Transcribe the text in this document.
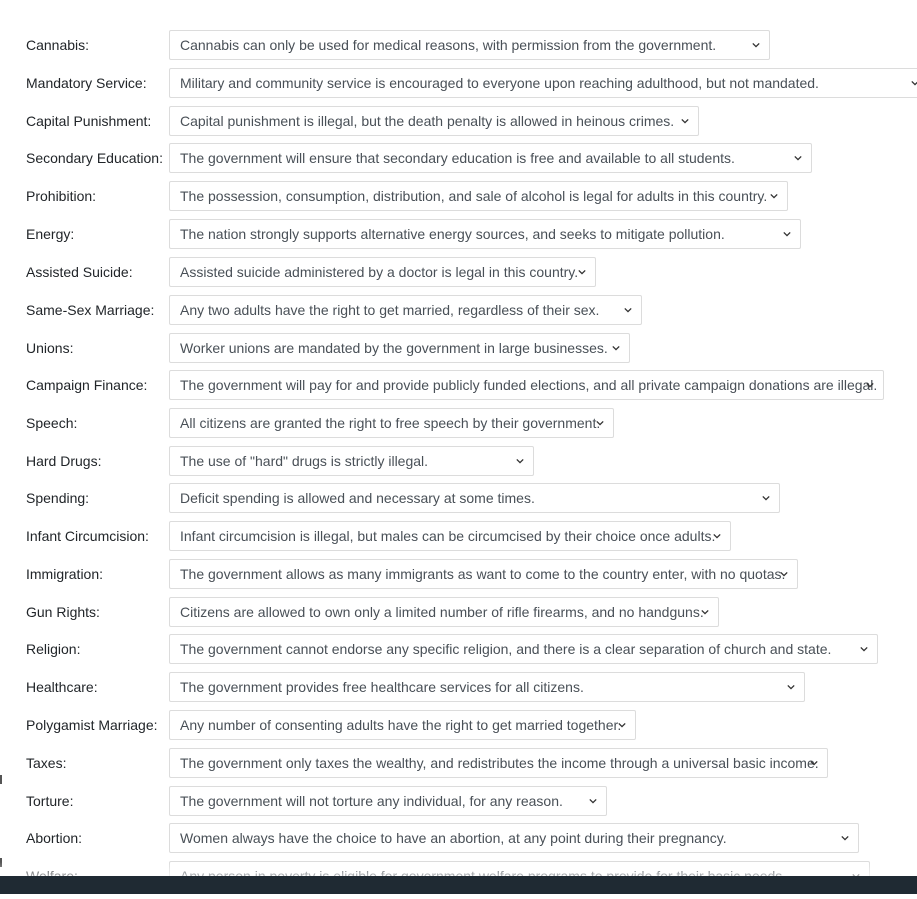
Cannabis:	Cannabis can only be used for medical reasons, with permission from the government.
Mandatory Service:	Military and community service is encouraged to everyone upon reaching adulthood, but not mandated.
Capital Punishment:	Capital punishment is illegal, but the death penalty is allowed in heinous crimes.
Secondary Education:	The government will ensure that secondary education is free and available to all students.
Prohibition:	The possession, consumption, distribution, and sale of alcohol is legal for adults in this country.
Energy:	The nation strongly supports alternative energy sources, and seeks to mitigate pollution.
Assisted Suicide:	Assisted suicide administered by a doctor is legal in this country.
Same-Sex Marriage:	Any two adults have the right to get married, regardless of their sex.
Unions:	Worker unions are mandated by the government in large businesses.
Campaign Finance:	The government will pay for and provide publicly funded elections, and all private campaign donations are illegal.
Speech:	All citizens are granted the right to free speech by their government.
Hard Drugs:	The use of "hard" drugs is strictly illegal.
Spending:	Deficit spending is allowed and necessary at some times.
Infant Circumcision:	Infant circumcision is illegal, but males can be circumcised by their choice once adults.
Immigration:	The government allows as many immigrants as want to come to the country enter, with no quotas.
Gun Rights:	Citizens are allowed to own only a limited number of rifle firearms, and no handguns.
Religion:	The government cannot endorse any specific religion, and there is a clear separation of church and state.
Healthcare:	The government provides free healthcare services for all citizens.
Polygamist Marriage:	Any number of consenting adults have the right to get married together.
Taxes:	The government only taxes the wealthy, and redistributes the income through a universal basic income.
Torture:	The government will not torture any individual, for any reason.
Abortion:	Women always have the choice to have an abortion, at any point during their pregnancy.
